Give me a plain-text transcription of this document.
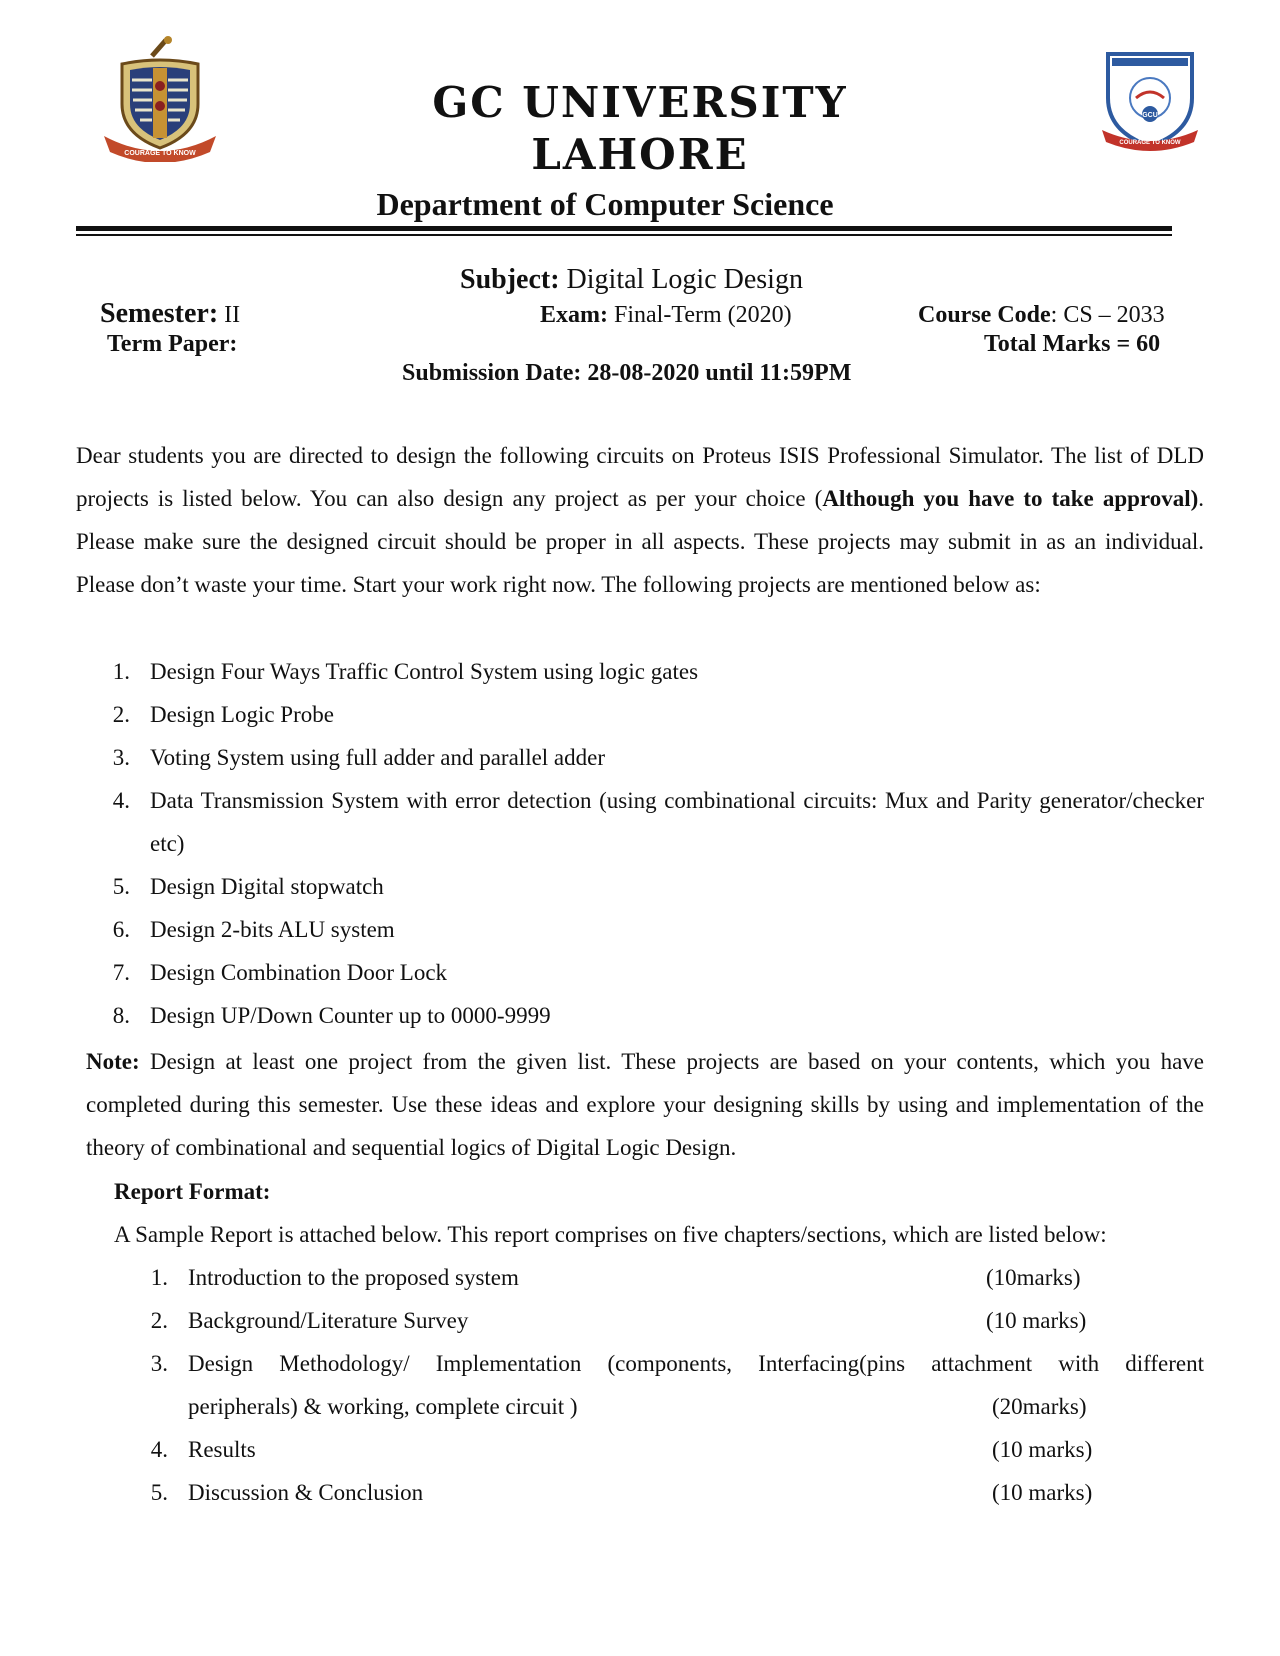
COURAGE TO KNOW
GCU
COURAGE TO KNOW
GC UNIVERSITY
LAHORE
Department of Computer Science
Subject: Digital Logic Design
Semester: II	Exam: Final-Term (2020)	Course Code: CS – 2033
Term Paper:	Total Marks = 60
Submission Date: 28-08-2020 until 11:59PM
Dear students you are directed to design the following circuits on Proteus ISIS Professional Simulator. The list of DLD projects is listed below. You can also design any project as per your choice (Although you have to take approval). Please make sure the designed circuit should be proper in all aspects. These projects may submit in as an individual. Please don’t waste your time. Start your work right now. The following projects are mentioned below as:
1. Design Four Ways Traffic Control System using logic gates
2. Design Logic Probe
3. Voting System using full adder and parallel adder
4. Data Transmission System with error detection (using combinational circuits: Mux and Parity generator/checker etc)
5. Design Digital stopwatch
6. Design 2-bits ALU system
7. Design Combination Door Lock
8. Design UP/Down Counter up to 0000-9999
Note: Design at least one project from the given list. These projects are based on your contents, which you have completed during this semester. Use these ideas and explore your designing skills by using and implementation of the theory of combinational and sequential logics of Digital Logic Design.
Report Format:
A Sample Report is attached below. This report comprises on five chapters/sections, which are listed below:
1. Introduction to the proposed system	(10marks)
2. Background/Literature Survey	(10 marks)
3. Design Methodology/ Implementation (components, Interfacing(pins attachment with different
peripherals) & working, complete circuit )	(20marks)
4. Results	(10 marks)
5. Discussion & Conclusion	(10 marks)
